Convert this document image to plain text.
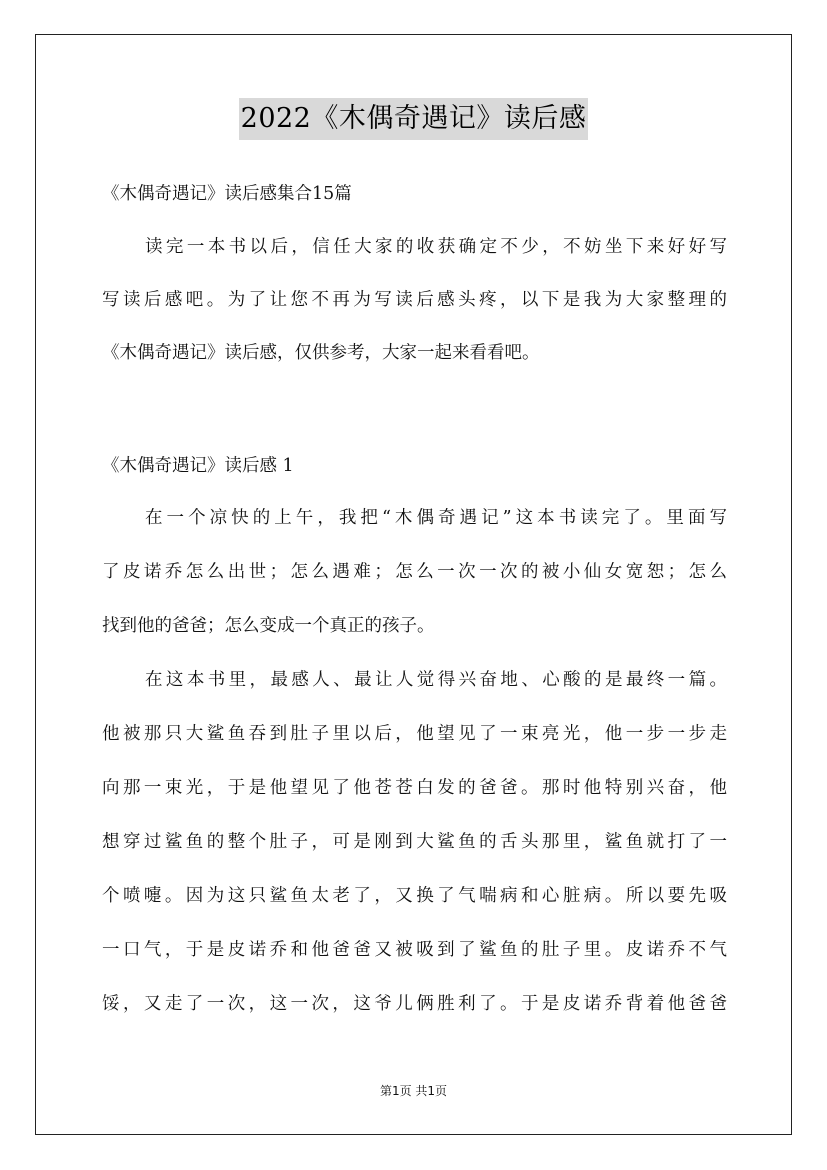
2022《木偶奇遇记》读后感
《木偶奇遇记》读后感集合15篇
读完一本书以后，信任大家的收获确定不少，不妨坐下来好好写
写读后感吧。为了让您不再为写读后感头疼，以下是我为大家整理的
《木偶奇遇记》读后感，仅供参考，大家一起来看看吧。
《木偶奇遇记》读后感 1
在一个凉快的上午，我把“木偶奇遇记”这本书读完了。里面写
了皮诺乔怎么出世；怎么遇难；怎么一次一次的被小仙女宽恕；怎么
找到他的爸爸；怎么变成一个真正的孩子。
在这本书里，最感人、最让人觉得兴奋地、心酸的是最终一篇。
他被那只大鲨鱼吞到肚子里以后，他望见了一束亮光，他一步一步走
向那一束光，于是他望见了他苍苍白发的爸爸。那时他特别兴奋，他
想穿过鲨鱼的整个肚子，可是刚到大鲨鱼的舌头那里，鲨鱼就打了一
个喷嚏。因为这只鲨鱼太老了，又换了气喘病和心脏病。所以要先吸
一口气，于是皮诺乔和他爸爸又被吸到了鲨鱼的肚子里。皮诺乔不气
馁，又走了一次，这一次，这爷儿俩胜利了。于是皮诺乔背着他爸爸
第1页 共1页
